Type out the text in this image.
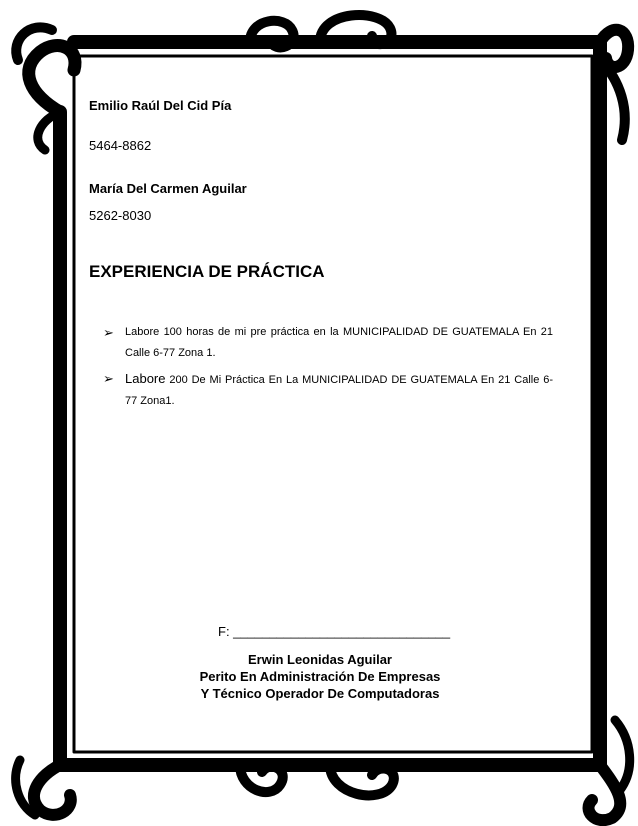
Emilio Raúl Del Cid Pía
5464-8862
María Del Carmen Aguilar
5262-8030
EXPERIENCIA DE PRÁCTICA
➢	Labore 100 horas de mi pre práctica en la MUNICIPALIDAD DE GUATEMALA En 21 Calle 6-77 Zona 1.
➢ Labore 200 De Mi Práctica En La MUNICIPALIDAD DE GUATEMALA En 21 Calle 6-77 Zona1.
F: ______________________________
Erwin Leonidas Aguilar
Perito En Administración De Empresas
Y Técnico Operador De Computadoras
